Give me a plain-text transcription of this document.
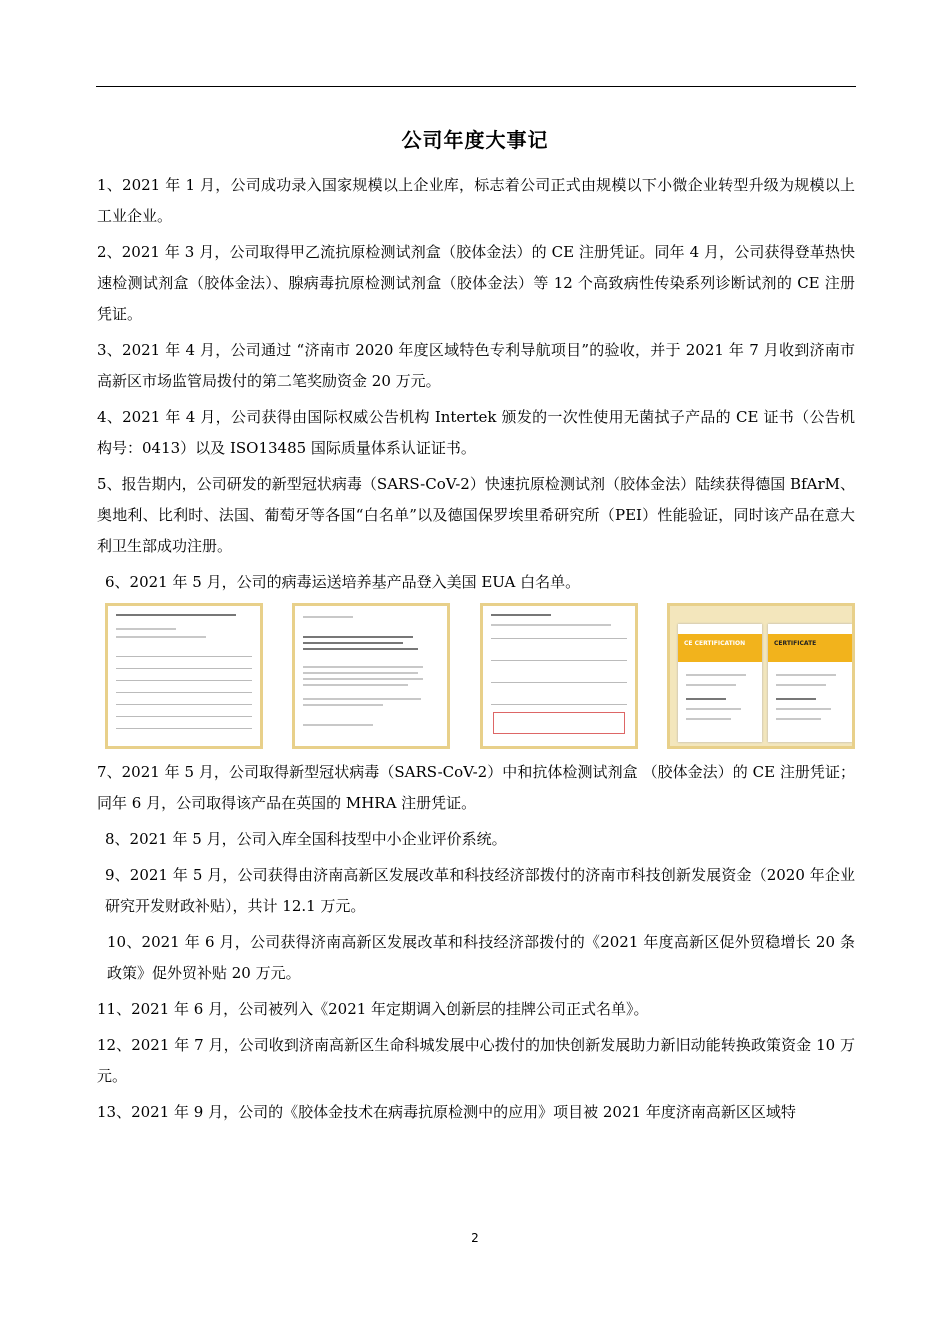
公司年度大事记

1、2021 年 1 月，公司成功录入国家规模以上企业库，标志着公司正式由规模以下小微企业转型升级为规模以上工业企业。

2、2021 年 3 月，公司取得甲乙流抗原检测试剂盒（胶体金法）的 CE 注册凭证。同年 4 月，公司获得登革热快速检测试剂盒（胶体金法）、腺病毒抗原检测试剂盒（胶体金法）等 12 个高致病性传染系列诊断试剂的 CE 注册凭证。

3、2021 年 4 月，公司通过 “济南市 2020 年度区域特色专利导航项目”的验收，并于 2021 年 7 月收到济南市高新区市场监管局拨付的第二笔奖励资金 20 万元。

4、2021 年 4 月，公司获得由国际权威公告机构 Intertek 颁发的一次性使用无菌拭子产品的 CE 证书（公告机构号：0413）以及 ISO13485 国际质量体系认证证书。

5、报告期内，公司研发的新型冠状病毒（SARS-CoV-2）快速抗原检测试剂（胶体金法）陆续获得德国 BfArM、奥地利、比利时、法国、葡萄牙等各国“白名单”以及德国保罗埃里希研究所（PEI）性能验证，同时该产品在意大利卫生部成功注册。

6、2021 年 5 月，公司的病毒运送培养基产品登入美国 EUA 白名单。

CE CERTIFICATION	CERTIFICATE

7、2021 年 5 月，公司取得新型冠状病毒（SARS-CoV-2）中和抗体检测试剂盒 （胶体金法）的 CE 注册凭证；同年 6 月，公司取得该产品在英国的 MHRA 注册凭证。

8、2021 年 5 月，公司入库全国科技型中小企业评价系统。

9、2021 年 5 月，公司获得由济南高新区发展改革和科技经济部拨付的济南市科技创新发展资金（2020 年企业研究开发财政补贴），共计 12.1 万元。

10、2021 年 6 月，公司获得济南高新区发展改革和科技经济部拨付的《2021 年度高新区促外贸稳增长 20 条政策》促外贸补贴 20 万元。

11、2021 年 6 月，公司被列入《2021 年定期调入创新层的挂牌公司正式名单》。

12、2021 年 7 月，公司收到济南高新区生命科城发展中心拨付的加快创新发展助力新旧动能转换政策资金 10 万元。

13、2021 年 9 月，公司的《胶体金技术在病毒抗原检测中的应用》项目被 2021 年度济南高新区区域特

2
